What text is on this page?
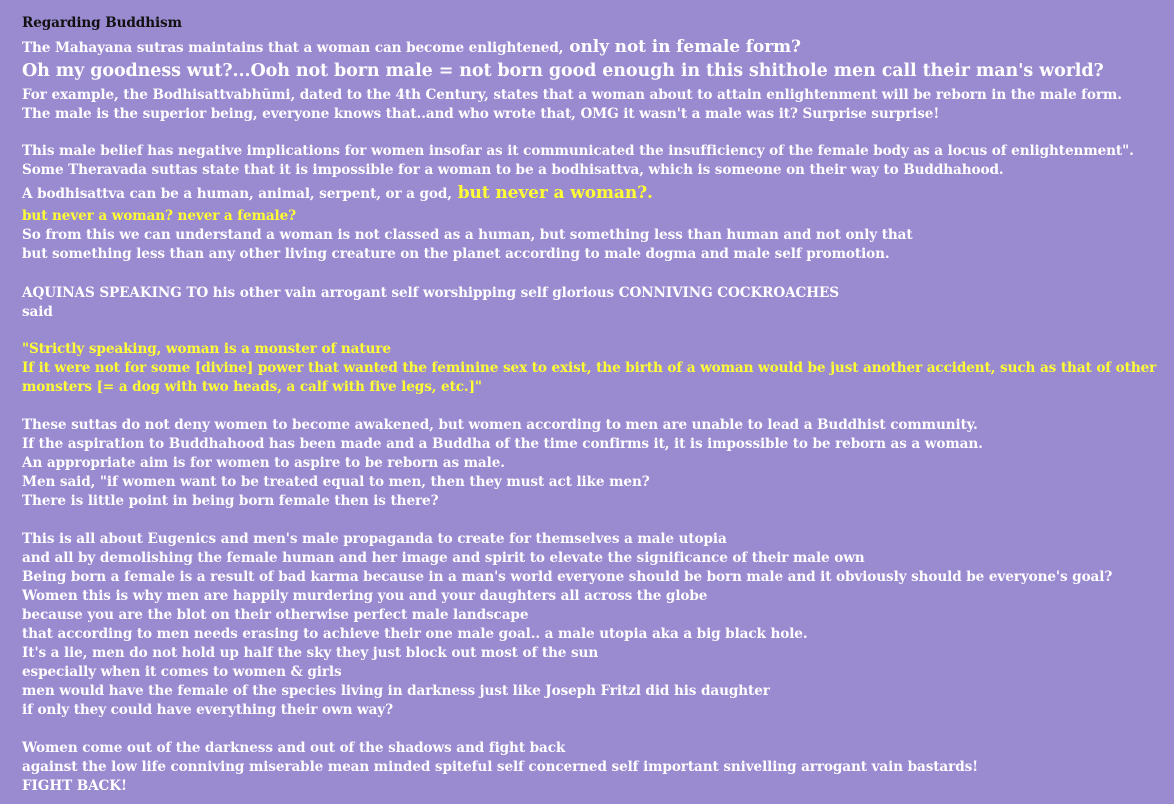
Regarding Buddhism
The Mahayana sutras maintains that a woman can become enlightened, only not in female form?
Oh my goodness wut?...Ooh not born male = not born good enough in this shithole men call their man's world?
For example, the Bodhisattvabhūmi, dated to the 4th Century, states that a woman about to attain enlightenment will be reborn in the male form.
The male is the superior being, everyone knows that..and who wrote that, OMG it wasn't a male was it? Surprise surprise!
This male belief has negative implications for women insofar as it communicated the insufficiency of the female body as a locus of enlightenment".
Some Theravada suttas state that it is impossible for a woman to be a bodhisattva, which is someone on their way to Buddhahood.
A bodhisattva can be a human, animal, serpent, or a god, but never a woman?.
but never a woman? never a female?
So from this we can understand a woman is not classed as a human, but something less than human and not only that
but something less than any other living creature on the planet according to male dogma and male self promotion.
AQUINAS SPEAKING TO his other vain arrogant self worshipping self glorious CONNIVING COCKROACHES
said
"Strictly speaking, woman is a monster of nature
If it were not for some [divine] power that wanted the feminine sex to exist, the birth of a woman would be just another accident, such as that of other
monsters [= a dog with two heads, a calf with five legs, etc.]"
These suttas do not deny women to become awakened, but women according to men are unable to lead a Buddhist community.
If the aspiration to Buddhahood has been made and a Buddha of the time confirms it, it is impossible to be reborn as a woman.
An appropriate aim is for women to aspire to be reborn as male.
Men said, "if women want to be treated equal to men, then they must act like men?
There is little point in being born female then is there?
This is all about Eugenics and men's male propaganda to create for themselves a male utopia
and all by demolishing the female human and her image and spirit to elevate the significance of their male own
Being born a female is a result of bad karma because in a man's world everyone should be born male and it obviously should be everyone's goal?
Women this is why men are happily murdering you and your daughters all across the globe
because you are the blot on their otherwise perfect male landscape
that according to men needs erasing to achieve their one male goal.. a male utopia aka a big black hole.
It's a lie, men do not hold up half the sky they just block out most of the sun
especially when it comes to women & girls
men would have the female of the species living in darkness just like Joseph Fritzl did his daughter
if only they could have everything their own way?
Women come out of the darkness and out of the shadows and fight back
against the low life conniving miserable mean minded spiteful self concerned self important snivelling arrogant vain bastards!
FIGHT BACK!
